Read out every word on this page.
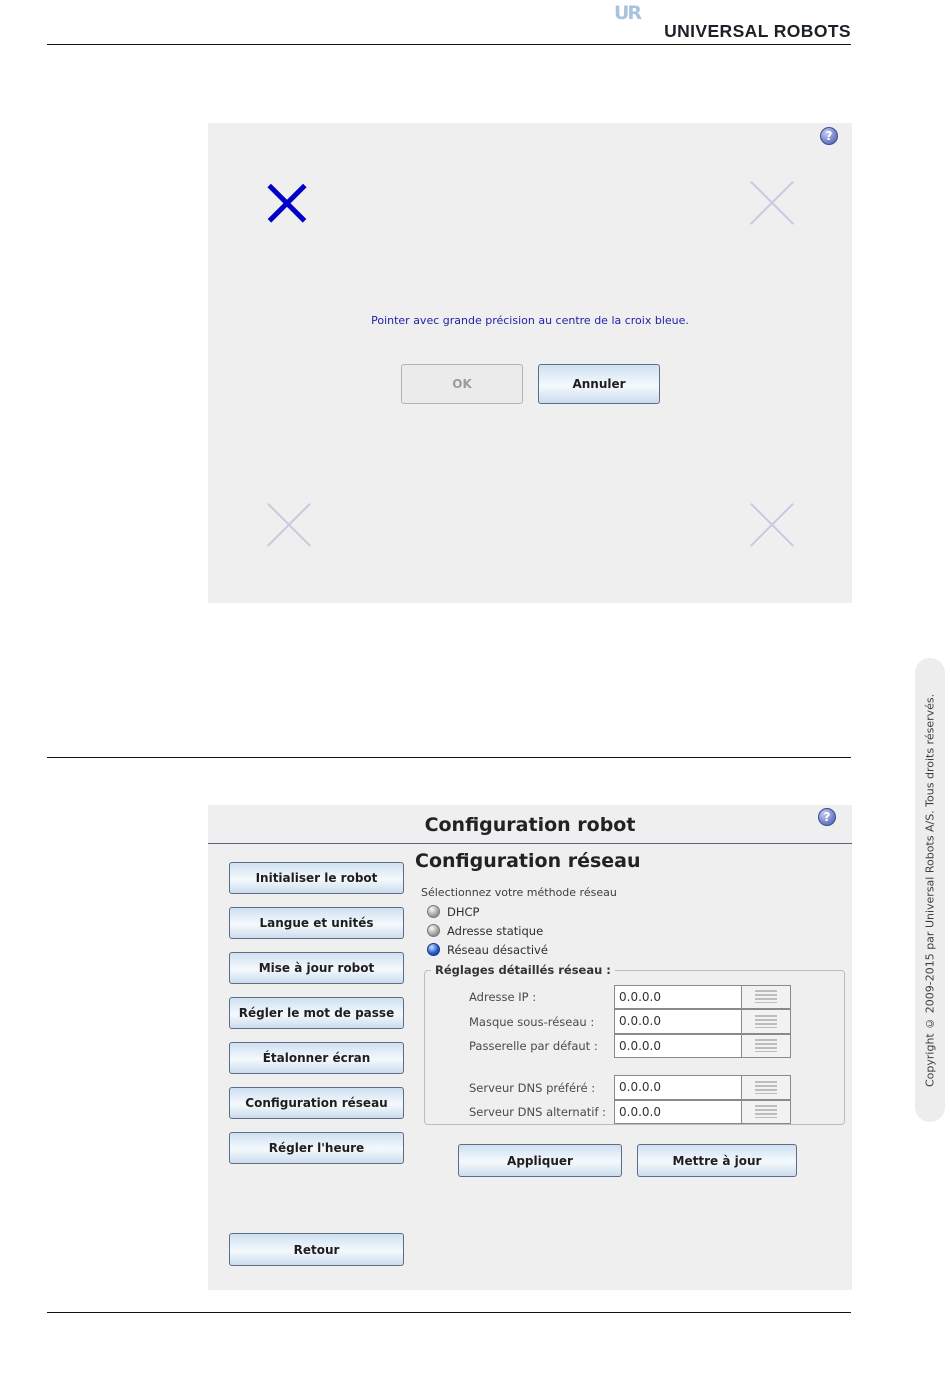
UR
UNIVERSAL ROBOTS
?
Pointer avec grande précision au centre de la croix bleue.
OK	Annuler
Configuration robot	?
Initialiser le robot
Langue et unités
Mise à jour robot
Régler le mot de passe
Étalonner écran
Configuration réseau
Régler l'heure
Retour
Configuration réseau
Sélectionnez votre méthode réseau
DHCP
Adresse statique
Réseau désactivé
Réglages détaillés réseau :
Adresse IP :
0.0.0.0
Masque sous-réseau :
0.0.0.0
Passerelle par défaut :
0.0.0.0
Serveur DNS préféré :
0.0.0.0
Serveur DNS alternatif :
0.0.0.0
Appliquer	Mettre à jour
Copyright © 2009-2015 par Universal Robots A/S. Tous droits réservés.
